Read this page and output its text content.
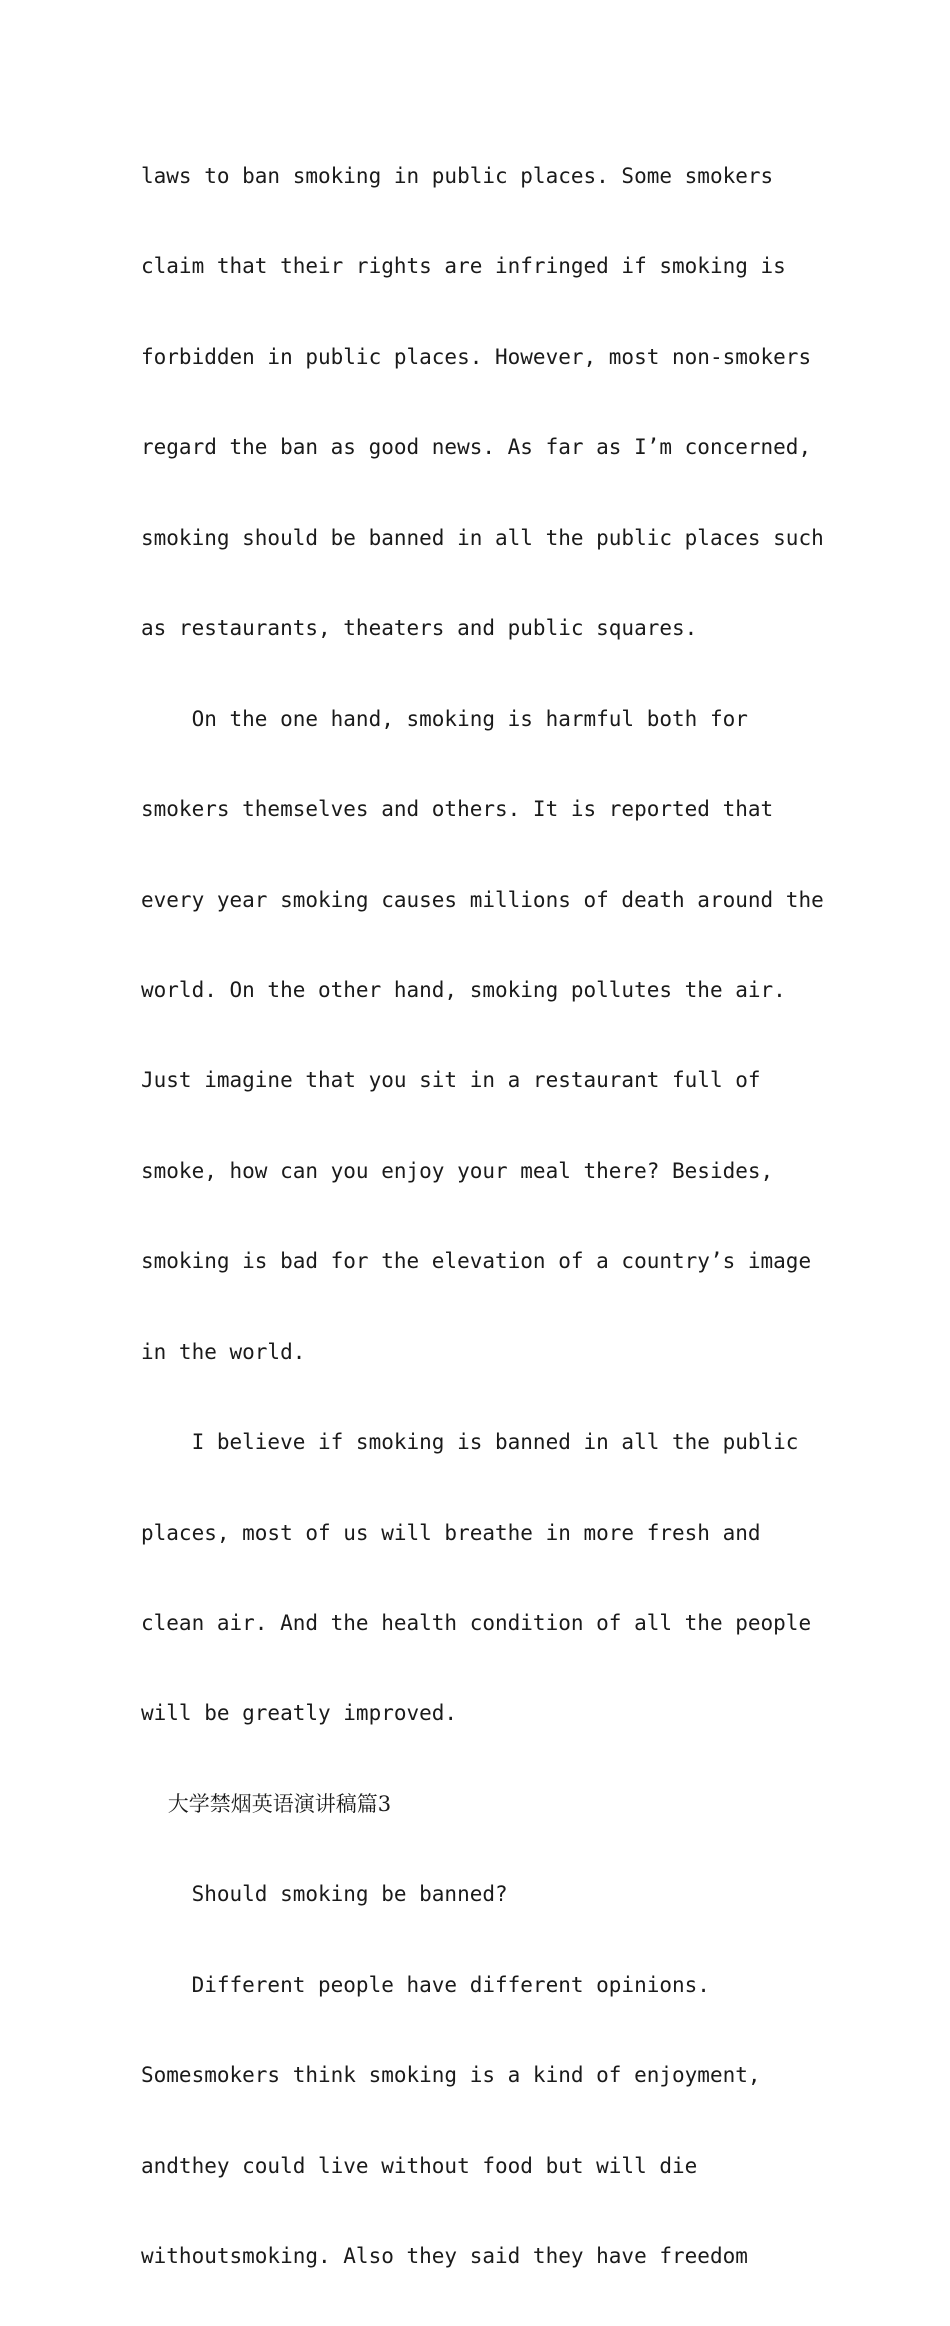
laws to ban smoking in public places. Some smokers

claim that their rights are infringed if smoking is

forbidden in public places. However, most non-smokers

regard the ban as good news. As far as I’m concerned,

smoking should be banned in all the public places such

as restaurants, theaters and public squares.

On the one hand, smoking is harmful both for

smokers themselves and others. It is reported that

every year smoking causes millions of death around the

world. On the other hand, smoking pollutes the air.

Just imagine that you sit in a restaurant full of

smoke, how can you enjoy your meal there? Besides,

smoking is bad for the elevation of a country’s image

in the world.

I believe if smoking is banned in all the public

places, most of us will breathe in more fresh and

clean air. And the health condition of all the people

will be greatly improved.

大学禁烟英语演讲稿篇3

Should smoking be banned?

Different people have different opinions.

Somesmokers think smoking is a kind of enjoyment,

andthey could live without food but will die

withoutsmoking. Also they said they have freedom
